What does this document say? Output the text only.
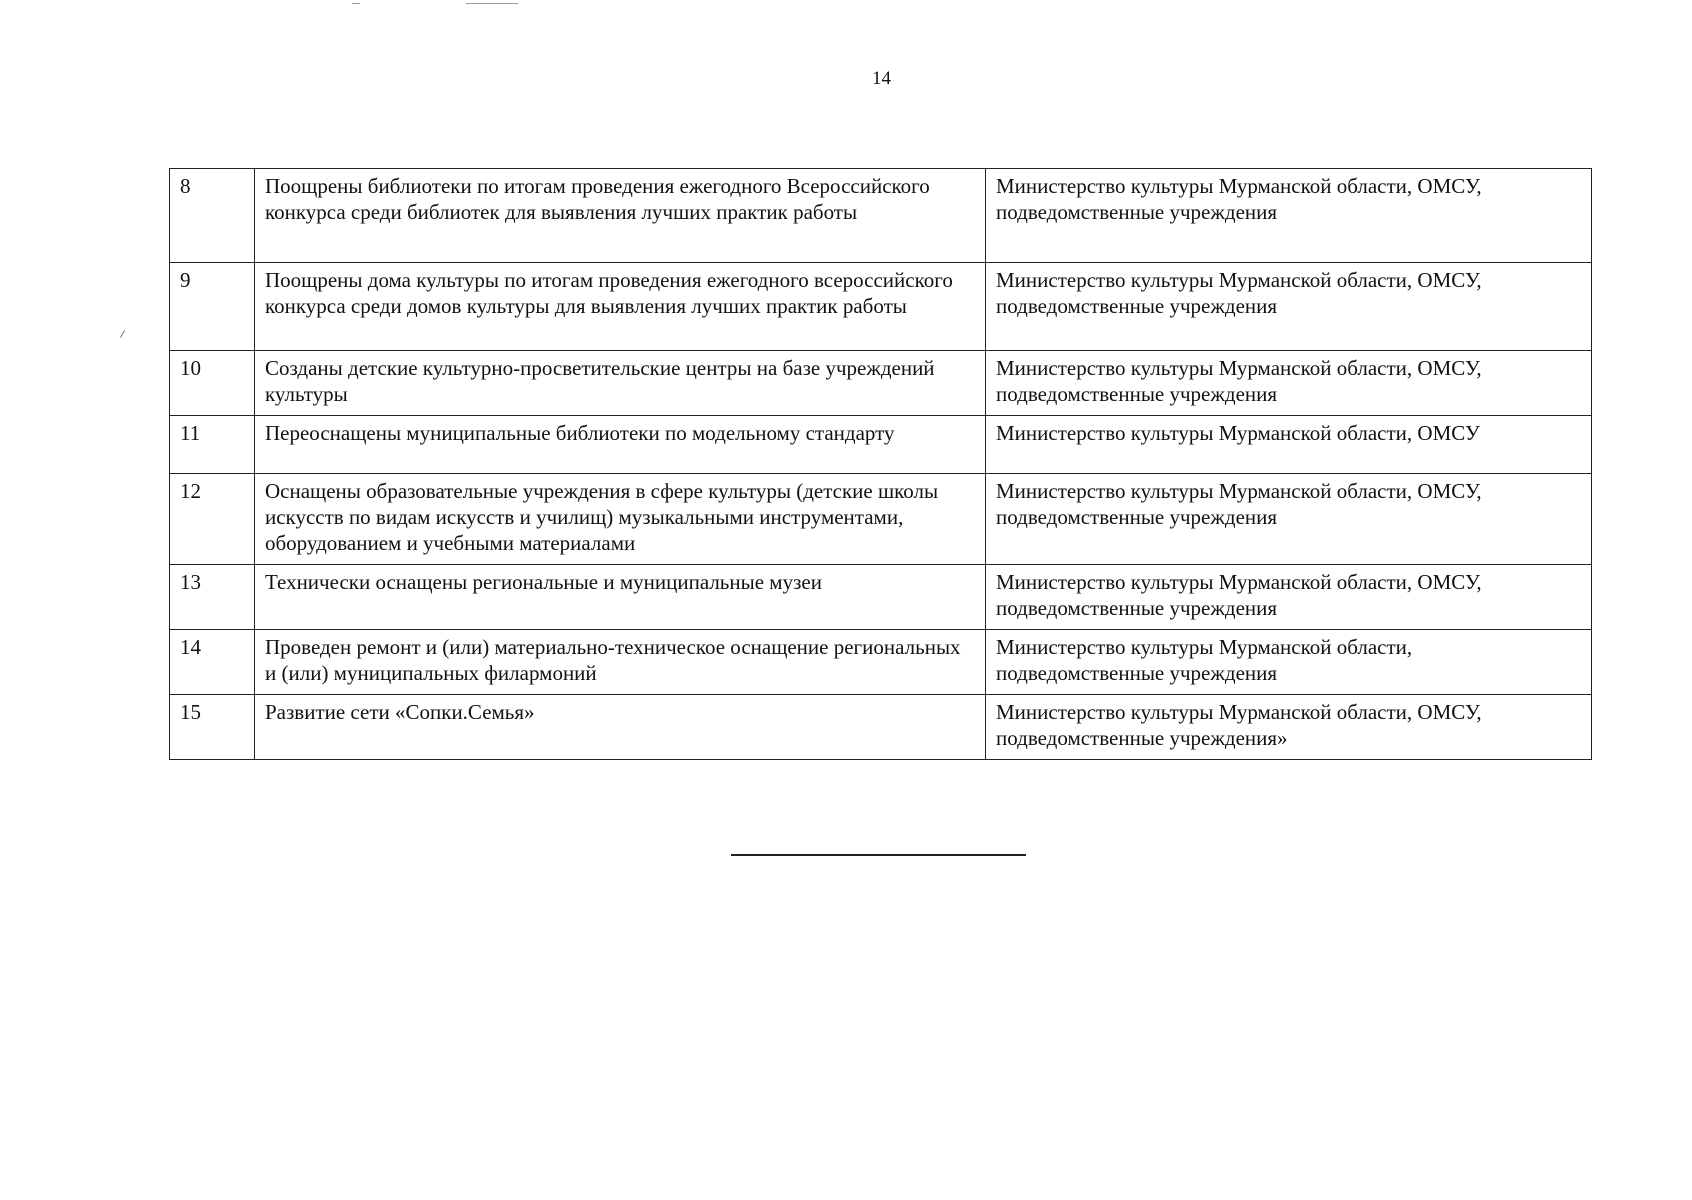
14
8	Поощрены библиотеки по итогам проведения ежегодного Всероссийского конкурса среди библиотек для выявления лучших практик работы	Министерство культуры Мурманской области, ОМСУ, подведомственные учреждения
9	Поощрены дома культуры по итогам проведения ежегодного всероссийского конкурса среди домов культуры для выявления лучших практик работы	Министерство культуры Мурманской области, ОМСУ, подведомственные учреждения
10	Созданы детские культурно-просветительские центры на базе учреждений культуры	Министерство культуры Мурманской области, ОМСУ, подведомственные учреждения
11	Переоснащены муниципальные библиотеки по модельному стандарту	Министерство культуры Мурманской области, ОМСУ
12	Оснащены образовательные учреждения в сфере культуры (детские школы искусств по видам искусств и училищ) музыкальными инструментами, оборудованием и учебными материалами	Министерство культуры Мурманской области, ОМСУ, подведомственные учреждения
13	Технически оснащены региональные и муниципальные музеи	Министерство культуры Мурманской области, ОМСУ, подведомственные учреждения
14	Проведен ремонт и (или) материально-техническое оснащение региональных и (или) муниципальных филармоний	Министерство культуры Мурманской области, подведомственные учреждения
15	Развитие сети «Сопки.Семья»	Министерство культуры Мурманской области, ОМСУ, подведомственные учреждения»
